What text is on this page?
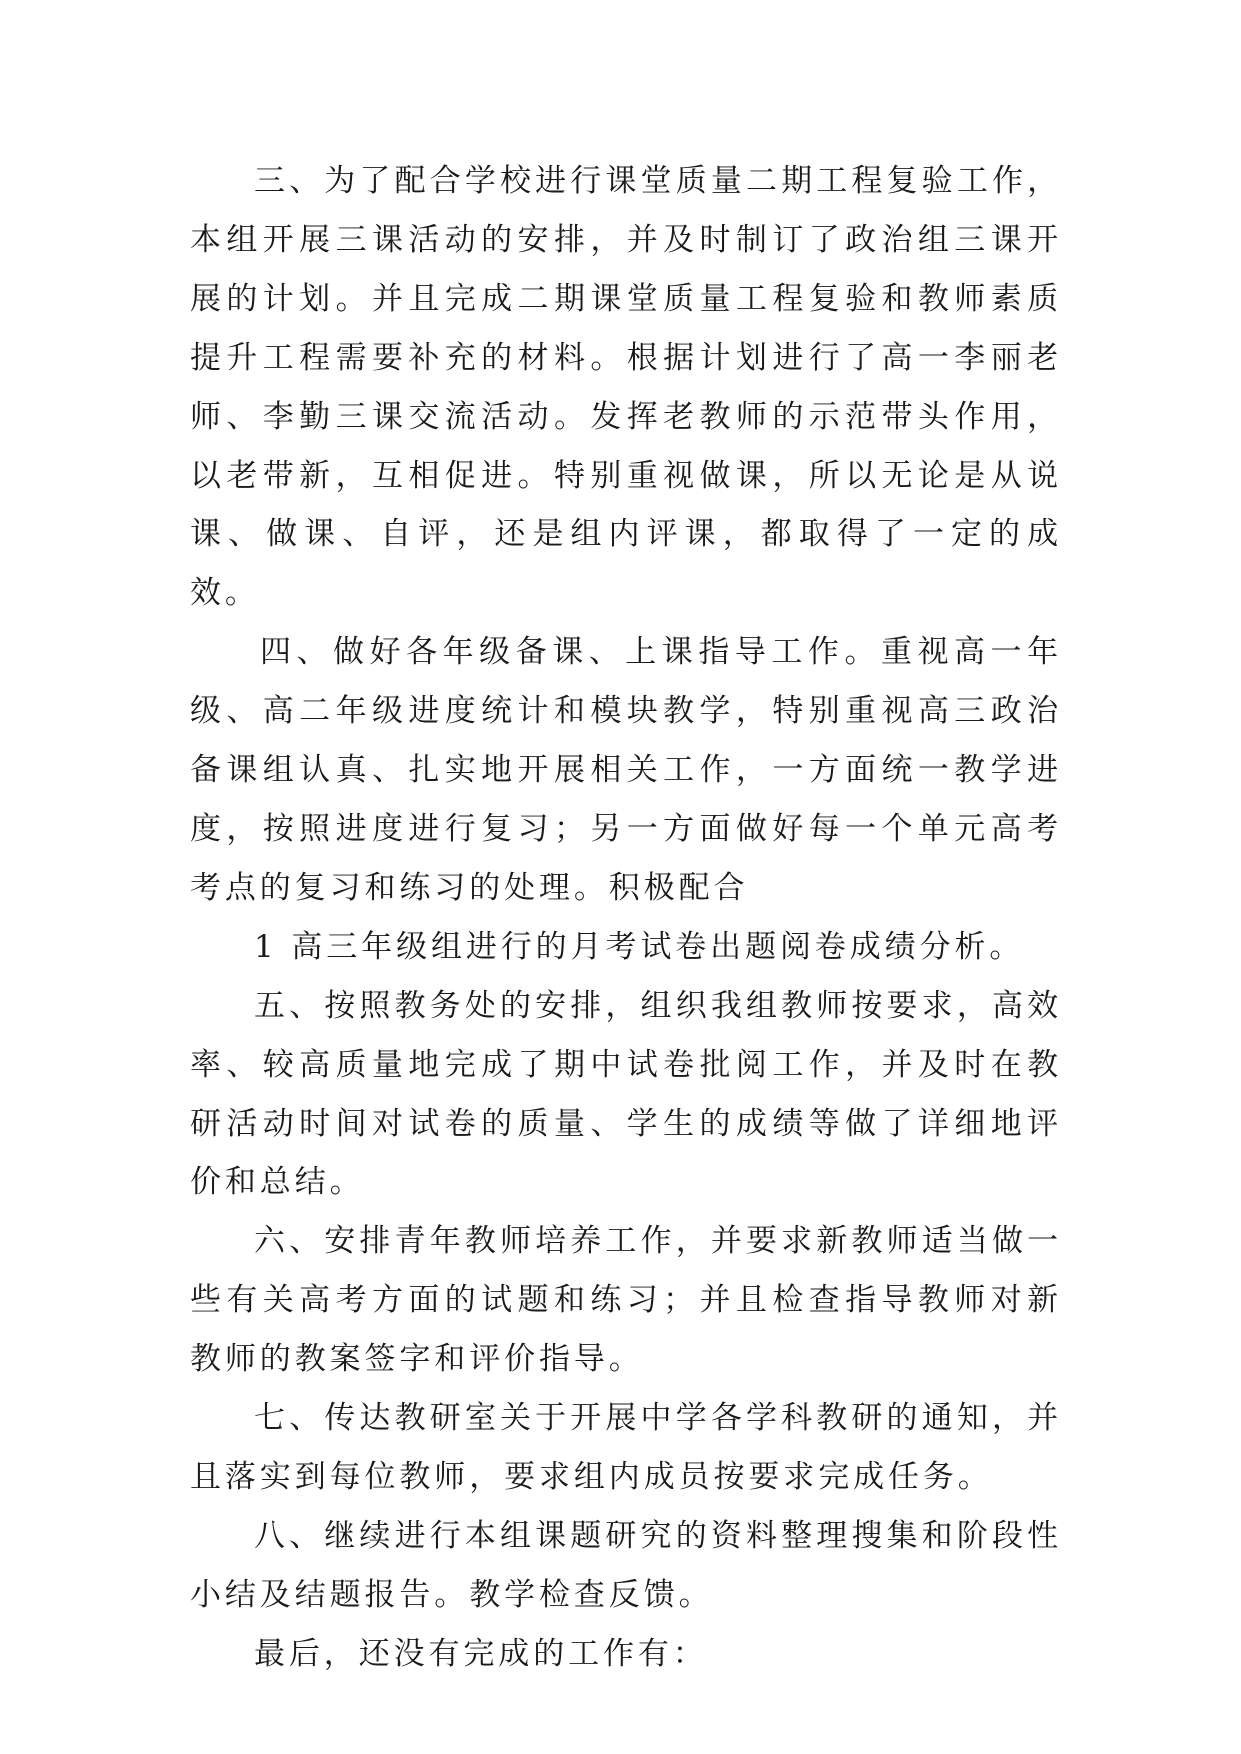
三、为了配合学校进行课堂质量二期工程复验工作，本组开展三课活动的安排，并及时制订了政治组三课开展的计划。并且完成二期课堂质量工程复验和教师素质提升工程需要补充的材料。根据计划进行了高一李丽老师、李勤三课交流活动。发挥老教师的示范带头作用，以老带新，互相促进。特别重视做课，所以无论是从说课、做课、自评，还是组内评课，都取得了一定的成效。

四、做好各年级备课、上课指导工作。重视高一年级、高二年级进度统计和模块教学，特别重视高三政治备课组认真、扎实地开展相关工作，一方面统一教学进度，按照进度进行复习；另一方面做好每一个单元高考考点的复习和练习的处理。积极配合

1 高三年级组进行的月考试卷出题阅卷成绩分析。

五、按照教务处的安排，组织我组教师按要求，高效率、较高质量地完成了期中试卷批阅工作，并及时在教研活动时间对试卷的质量、学生的成绩等做了详细地评价和总结。

六、安排青年教师培养工作，并要求新教师适当做一些有关高考方面的试题和练习；并且检查指导教师对新教师的教案签字和评价指导。

七、传达教研室关于开展中学各学科教研的通知，并且落实到每位教师，要求组内成员按要求完成任务。

八、继续进行本组课题研究的资料整理搜集和阶段性小结及结题报告。教学检查反馈。

最后，还没有完成的工作有：
